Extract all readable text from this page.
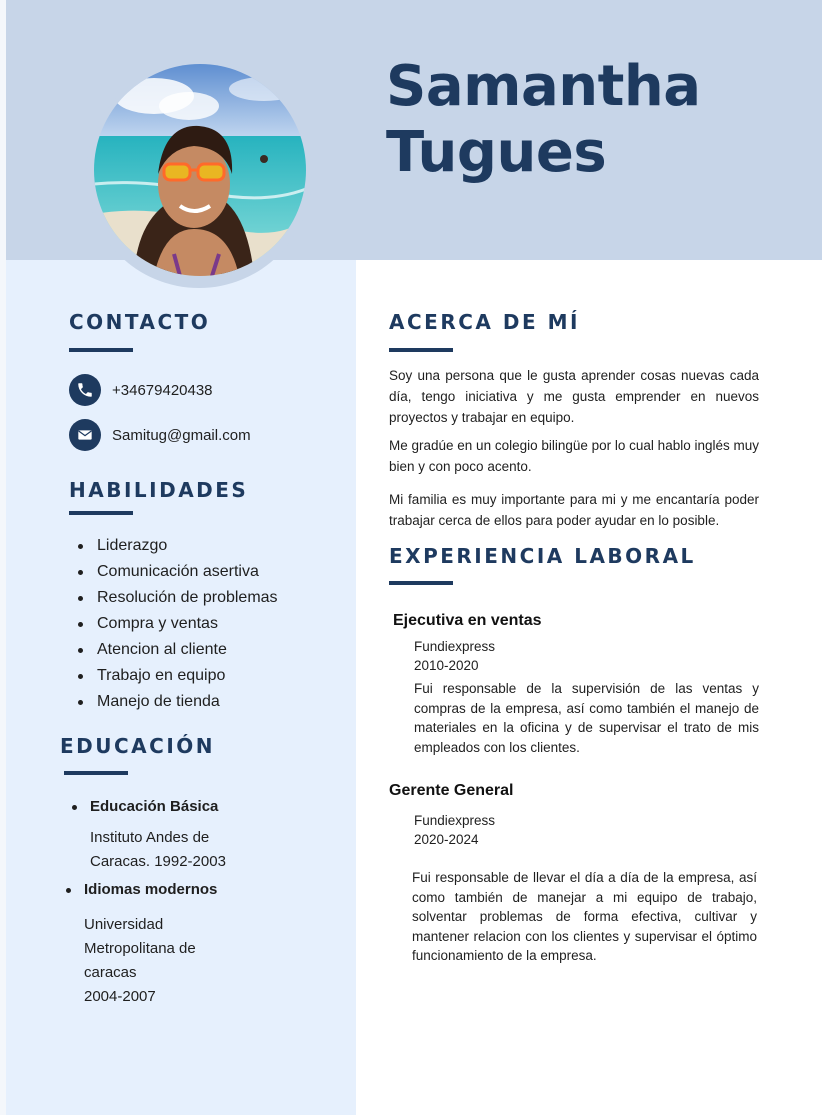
Samantha
Tugues
CONTACTO
+34679420438
Samitug@gmail.com
HABILIDADES
Liderazgo
Comunicación asertiva
Resolución de problemas
Compra y ventas
Atencion al cliente
Trabajo en equipo
Manejo de tienda
EDUCACIÓN
Educación Básica
Instituto Andes de
Caracas. 1992-2003
Idiomas modernos
Universidad
Metropolitana de
caracas
2004-2007
ACERCA DE MÍ
Soy una persona que le gusta aprender cosas nuevas cada día, tengo iniciativa y me gusta emprender en nuevos proyectos y trabajar en equipo.
Me gradúe en un colegio bilingüe por lo cual hablo inglés muy bien y con poco acento.
Mi familia es muy importante para mi y me encantaría poder trabajar cerca de ellos para poder ayudar en lo posible.
EXPERIENCIA LABORAL
Ejecutiva en ventas
Fundiexpress
2010-2020
Fui responsable de la supervisión de las ventas y compras de la empresa, así como también el manejo de materiales en la oficina y de supervisar el trato de mis empleados con los clientes.
Gerente General
Fundiexpress
2020-2024
Fui responsable de llevar el día a día de la empresa, así como también de manejar a mi equipo de trabajo, solventar problemas de forma efectiva, cultivar y mantener relacion con los clientes y supervisar el óptimo funcionamiento de la empresa.
